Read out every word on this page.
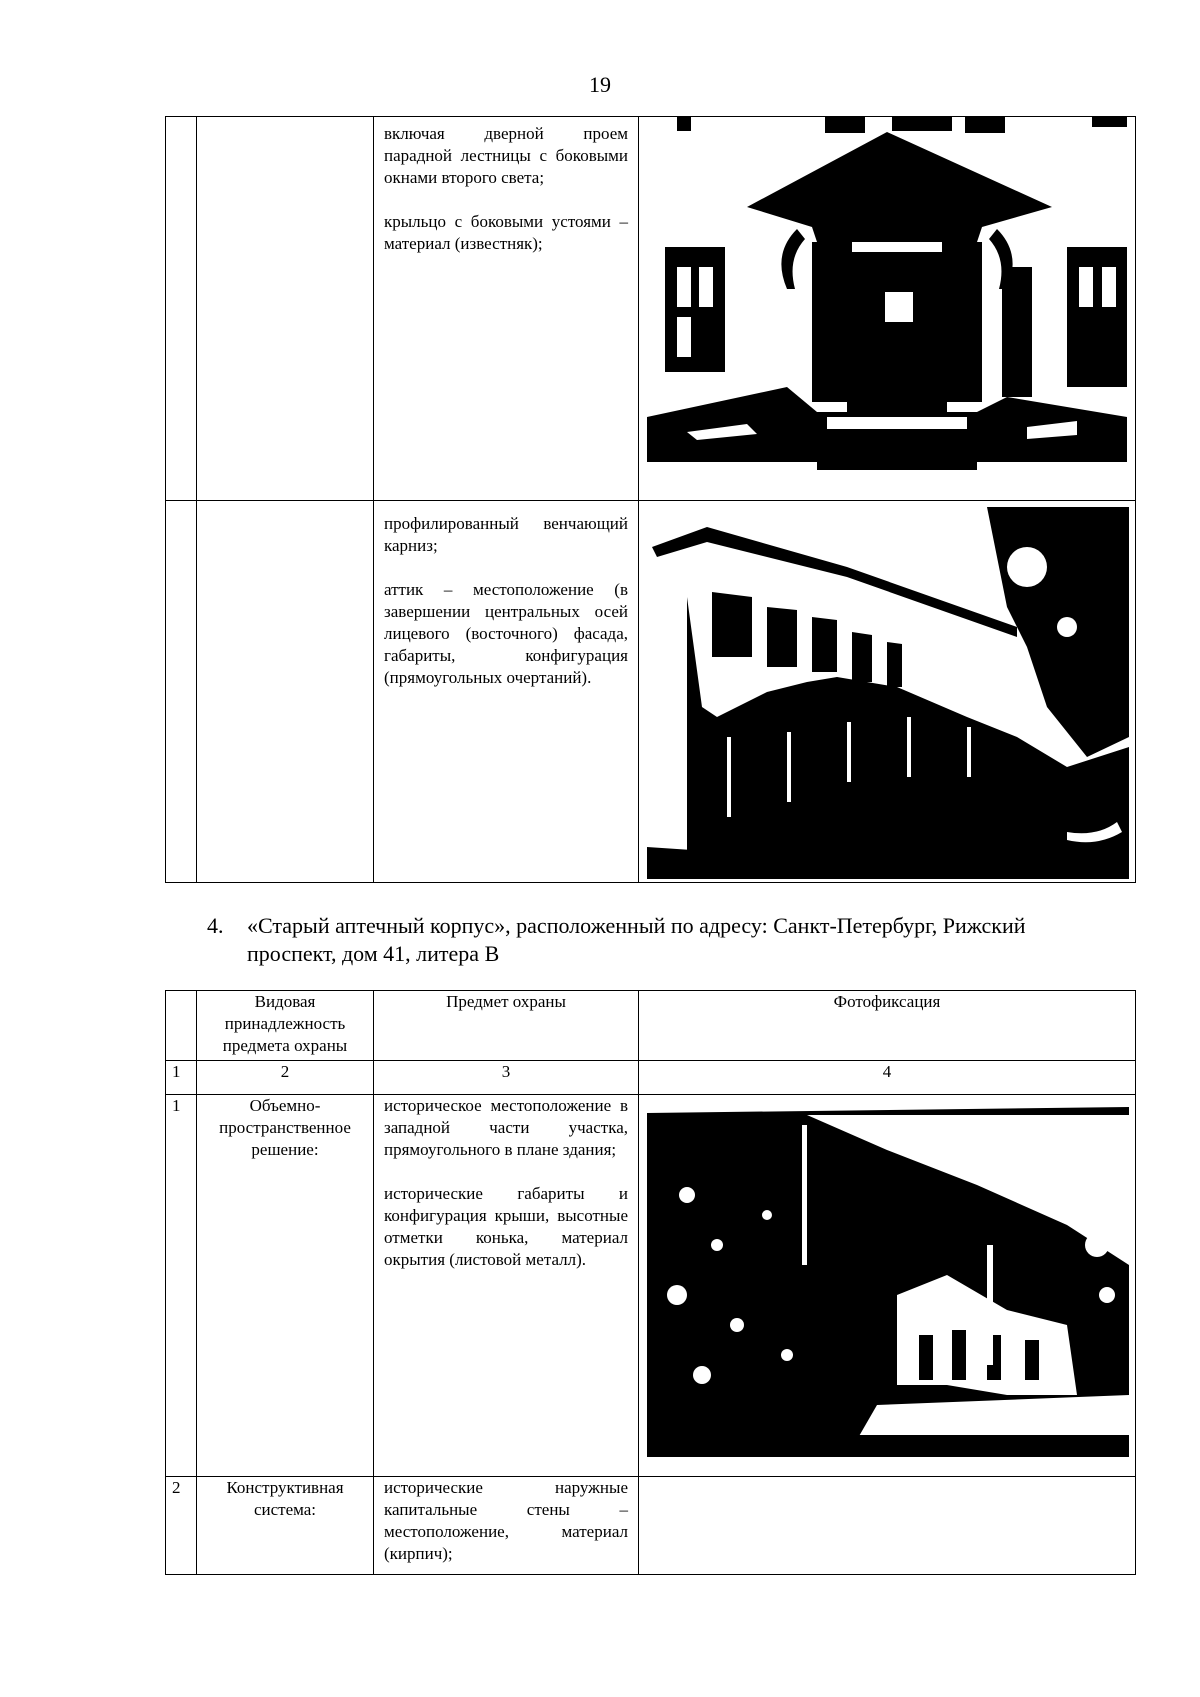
19

		включая дверной проем парадной лестницы с боковыми окнами второго света;

крыльцо с боковыми устоями – материал (известняк);

		профилированный венчающий карниз;

аттик – местоположение (в завершении центральных осей лицевого (восточного) фасада, габариты, конфигурация (прямоугольных очертаний).

4. «Старый аптечный корпус», расположенный по адресу: Санкт-Петербург, Рижский проспект, дом 41, литера В
	Видовая принадлежность предмета охраны	Предмет охраны	Фотофиксация
1	2	3	4
1	Объемно-пространственное решение:	историческое местоположение в западной части участка, прямоугольного в плане здания;

исторические габариты и конфигурация крыши, высотные отметки конька, материал окрытия (листовой металл).

2	Конструктивная система:	исторические наружные капитальные стены – местоположение, материал (кирпич);	
